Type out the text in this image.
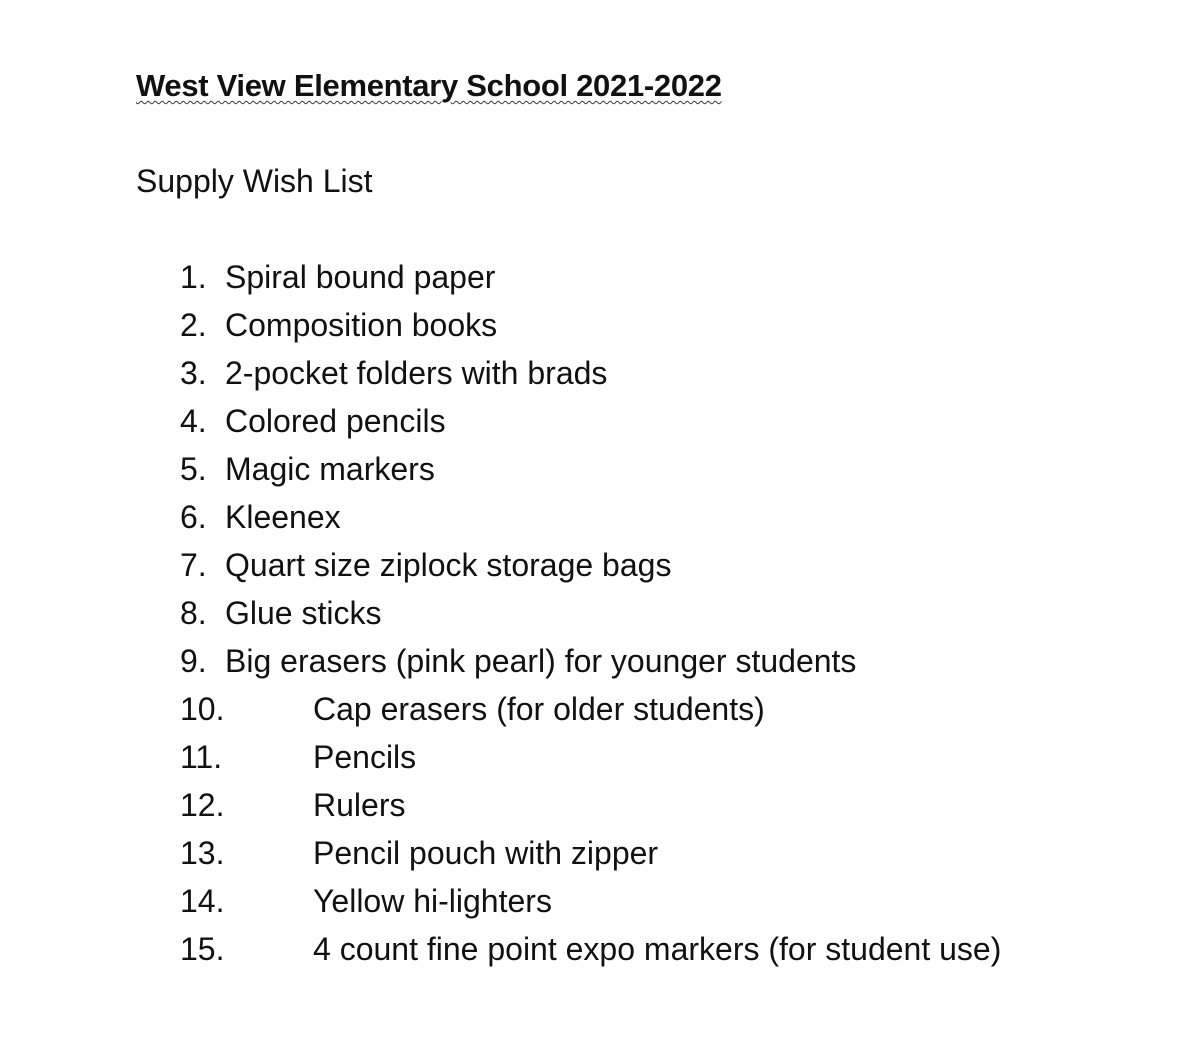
West View Elementary School 2021-2022

Supply Wish List

1. Spiral bound paper
2. Composition books
3. 2-pocket folders with brads
4. Colored pencils
5. Magic markers
6. Kleenex
7. Quart size ziplock storage bags
8. Glue sticks
9. Big erasers (pink pearl) for younger students
10.	Cap erasers (for older students)
11.	Pencils
12.	Rulers
13.	Pencil pouch with zipper
14.	Yellow hi-lighters
15.	4 count fine point expo markers (for student use)
